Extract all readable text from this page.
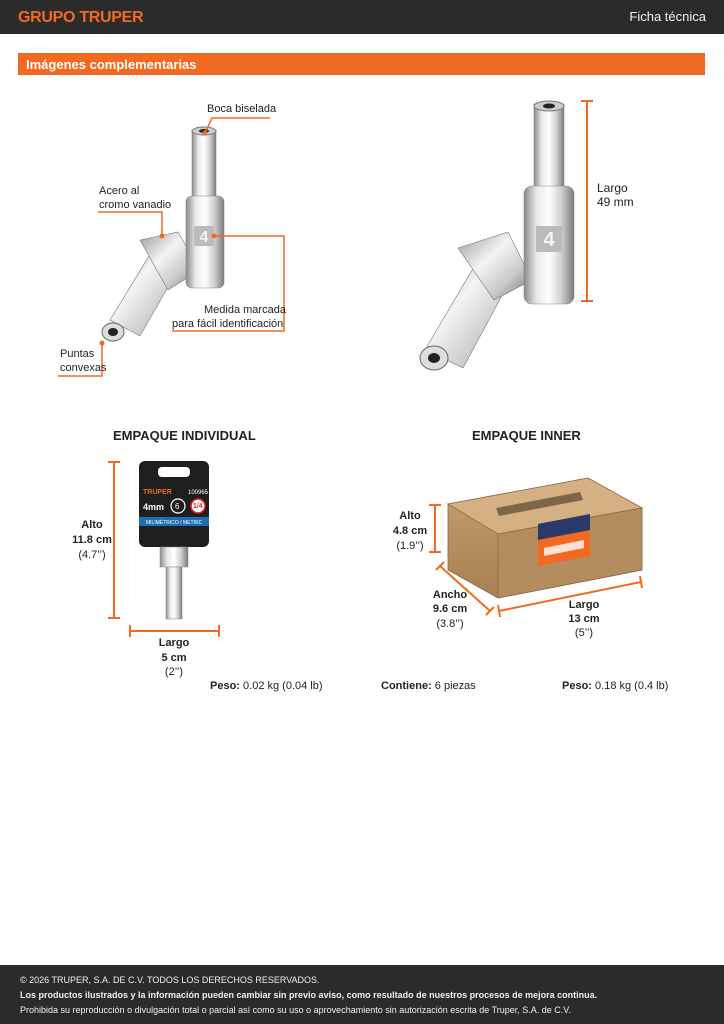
GRUPO TRUPER	Ficha técnica
Imágenes complementarias
4	4
TRUPER	100965
4mm 6 1/4
MILIMÉTRICO / METRIC
Boca biselada
Acero al
cromo vanadio
Medida marcada
para fácil identificación
Puntas
convexas
Largo
49 mm
EMPAQUE INDIVIDUAL
Alto
11.8 cm
(4.7’’)
Largo
5 cm
(2’’)
Peso: 0.02 kg (0.04 lb)
EMPAQUE INNER
Alto
4.8 cm
(1.9’’)
Ancho
9.6 cm
(3.8’’)
Largo
13 cm
(5’’)
Contiene: 6 piezas	Peso: 0.18 kg (0.4 lb)
© 2026 TRUPER, S.A. DE C.V. TODOS LOS DERECHOS RESERVADOS.
Los productos ilustrados y la información pueden cambiar sin previo aviso, como resultado de nuestros procesos de mejora continua.
Prohibida su reproducción o divulgación total o parcial así como su uso o aprovechamiento sin autorización escrita de Truper, S.A. de C.V.
